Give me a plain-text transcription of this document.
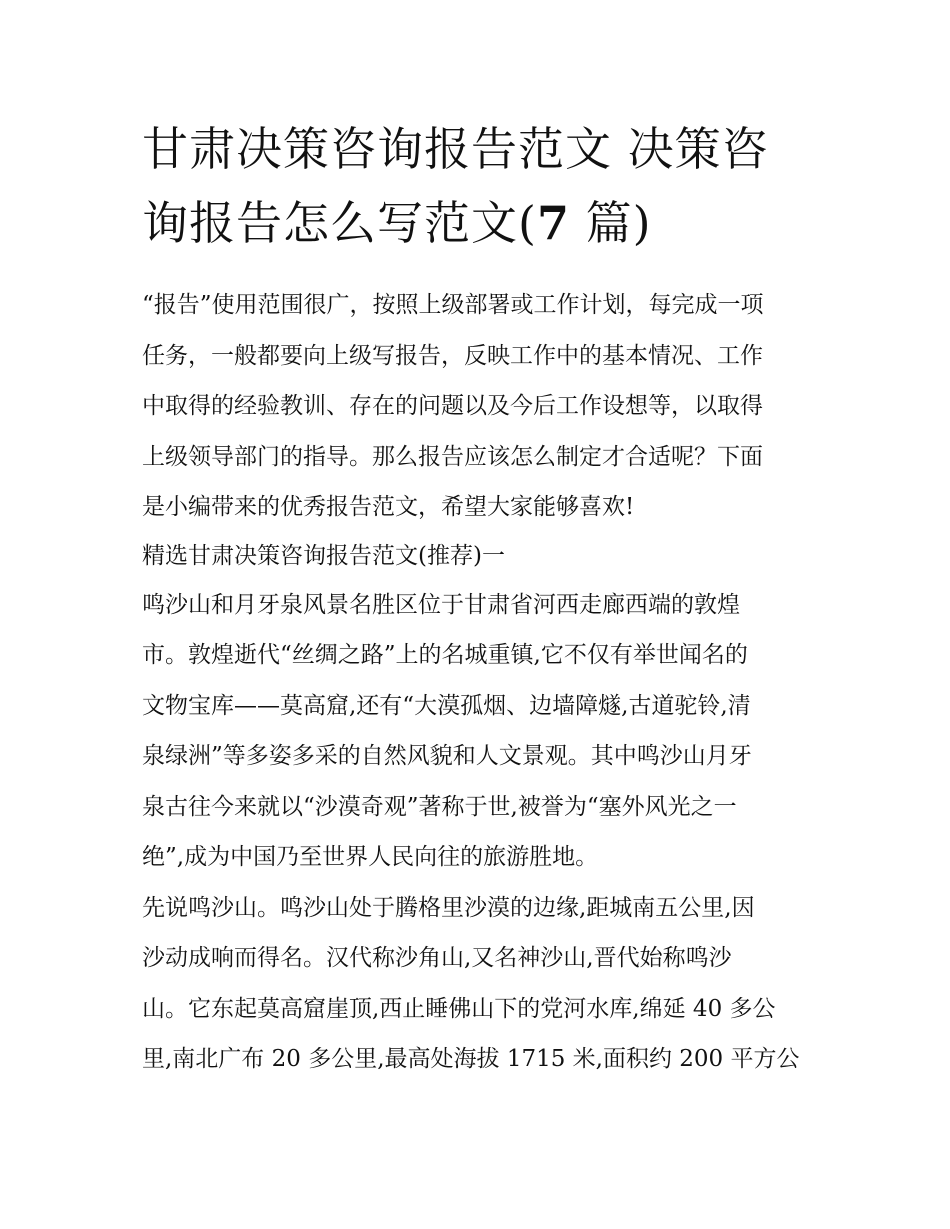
甘肃决策咨询报告范文 决策咨
询报告怎么写范文(7 篇)
“报告”使用范围很广，按照上级部署或工作计划，每完成一项
任务，一般都要向上级写报告，反映工作中的基本情况、工作
中取得的经验教训、存在的问题以及今后工作设想等，以取得
上级领导部门的指导。那么报告应该怎么制定才合适呢？下面
是小编带来的优秀报告范文，希望大家能够喜欢!
精选甘肃决策咨询报告范文(推荐)一
鸣沙山和月牙泉风景名胜区位于甘肃省河西走廊西端的敦煌
市。敦煌逝代“丝绸之路”上的名城重镇,它不仅有举世闻名的
文物宝库——莫高窟,还有“大漠孤烟、边墙障燧,古道驼铃,清
泉绿洲”等多姿多采的自然风貌和人文景观。其中鸣沙山月牙
泉古往今来就以“沙漠奇观”著称于世,被誉为“塞外风光之一
绝”,成为中国乃至世界人民向往的旅游胜地。
先说鸣沙山。鸣沙山处于腾格里沙漠的边缘,距城南五公里,因
沙动成响而得名。汉代称沙角山,又名神沙山,晋代始称鸣沙
山。它东起莫高窟崖顶,西止睡佛山下的党河水库,绵延 40 多公
里,南北广布 20 多公里,最高处海拔 1715 米,面积约 200 平方公
